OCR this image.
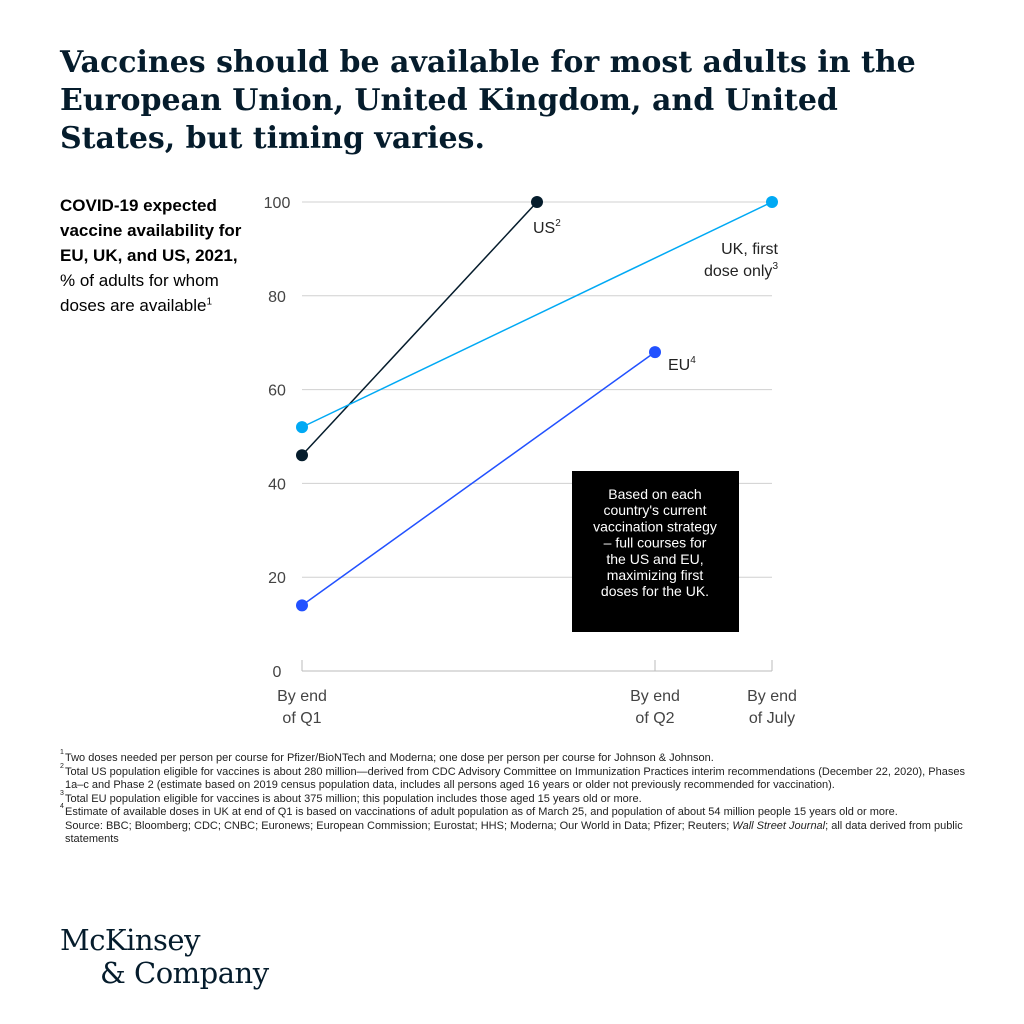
Vaccines should be available for most adults in the European Union, United Kingdom, and United States, but timing varies.
COVID-19 expected vaccine availability for EU, UK, and US, 2021, % of adults for whom doses are available$^1$
0
20
40
60
80
100
By end
of Q1
By end
of Q2
By end
of July
Based on each
country's current
vaccination strategy
– full courses for
the US and EU,
maximizing first
doses for the UK.
$US^2$
UK, first
dose only$^3$
$EU^4$
1 Two doses needed per person per course for Pfizer/BioNTech and Moderna; one dose per person per course for Johnson & Johnson.
2 Total US population eligible for vaccines is about 280 million—derived from CDC Advisory Committee on Immunization Practices interim recommendations (December 22, 2020), Phases 1a–c and Phase 2 (estimate based on 2019 census population data, includes all persons aged 16 years or older not previously recommended for vaccination).
3 Total EU population eligible for vaccines is about 375 million; this population includes those aged 15 years old or more.
4 Estimate of available doses in UK at end of Q1 is based on vaccinations of adult population as of March 25, and population of about 54 million people 15 years old or more.
Source: BBC; Bloomberg; CDC; CNBC; Euronews; European Commission; Eurostat; HHS; Moderna; Our World in Data; Pfizer; Reuters; Wall Street Journal; all data derived from public statements
McKinsey
& Company
